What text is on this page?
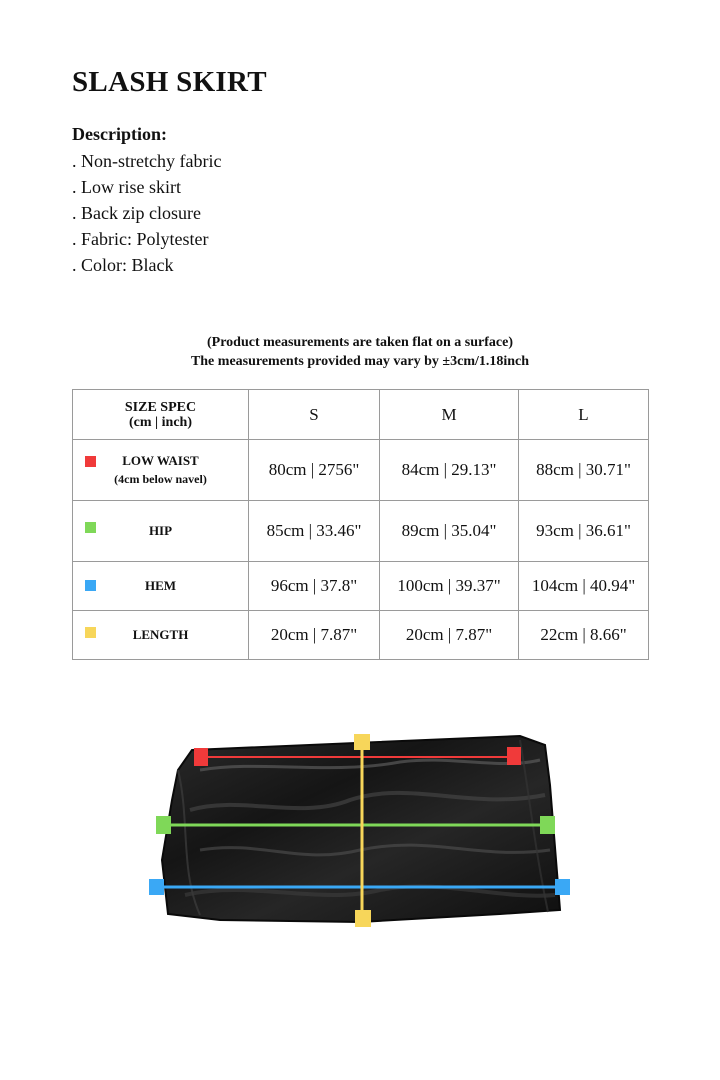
SLASH SKIRT
Description:
. Non-stretchy fabric
. Low rise skirt
. Back zip closure
. Fabric: Polytester
. Color: Black
(Product measurements are taken flat on a surface)
The measurements provided may vary by ±3cm/1.18inch
SIZE SPEC
(cm | inch)	S	M	L

LOW WAIST
(4cm below navel)	80cm | 2756"	84cm | 29.13"	88cm | 30.71"

HIP	85cm | 33.46"	89cm | 35.04"	93cm | 36.61"

HEM	96cm | 37.8"	100cm | 39.37"	104cm | 40.94"

LENGTH	20cm | 7.87"	20cm | 7.87"	22cm | 8.66"
